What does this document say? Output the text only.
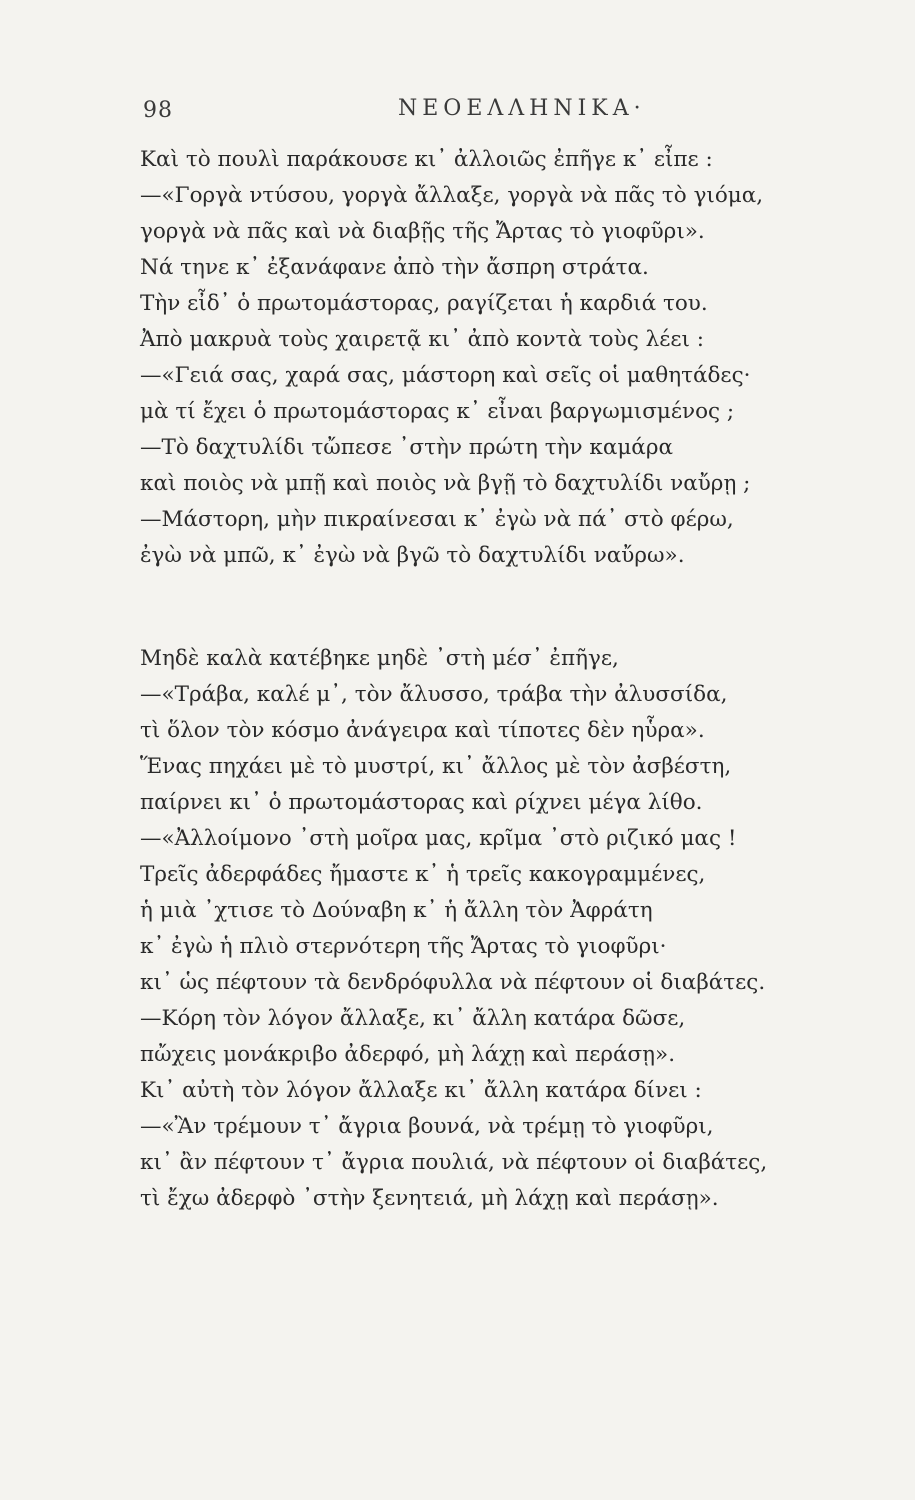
98	ΝΕΟΕΛΛΗΝΙΚΑ·
Καὶ τὸ πουλὶ παράκουσε κι᾽ ἀλλοιῶς ἐπῆγε κ᾽ εἶπε :
—«Γοργὰ ντύσου, γοργὰ ἄλλαξε, γοργὰ νὰ πᾶς τὸ γιόμα,
γοργὰ νὰ πᾶς καὶ νὰ διαβῇς τῆς Ἄρτας τὸ γιοφῦρι».
Νά τηνε κ᾽ ἐξανάφανε ἀπὸ τὴν ἄσπρη στράτα.
Τὴν εἶδ᾽ ὁ πρωτομάστορας, ραγίζεται ἡ καρδιά του.
Ἀπὸ μακρυὰ τοὺς χαιρετᾷ κι᾽ ἀπὸ κοντὰ τοὺς λέει :
—«Γειά σας, χαρά σας, μάστορη καὶ σεῖς οἱ μαθητάδες·
μὰ τί ἔχει ὁ πρωτομάστορας κ᾽ εἶναι βαργωμισμένος ;
—Τὸ δαχτυλίδι τὤπεσε ᾽στὴν πρώτη τὴν καμάρα
καὶ ποιὸς νὰ μπῇ καὶ ποιὸς νὰ βγῇ τὸ δαχτυλίδι ναὔρῃ ;
—Μάστορη, μὴν πικραίνεσαι κ᾽ ἐγὼ νὰ πά᾽ στὸ φέρω,
ἐγὼ νὰ μπῶ, κ᾽ ἐγὼ νὰ βγῶ τὸ δαχτυλίδι ναὔρω».
Μηδὲ καλὰ κατέβηκε μηδὲ ᾽στὴ μέσ᾽ ἐπῆγε,
—«Τράβα, καλέ μ᾽, τὸν ἄλυσσο, τράβα τὴν ἀλυσσίδα,
τὶ ὅλον τὸν κόσμο ἀνάγειρα καὶ τίποτες δὲν ηὗρα».
Ἕνας πηχάει μὲ τὸ μυστρί, κι᾽ ἄλλος μὲ τὸν ἀσβέστη,
παίρνει κι᾽ ὁ πρωτομάστορας καὶ ρίχνει μέγα λίθο.
—«Ἀλλοίμονο ᾽στὴ μοῖρα μας, κρῖμα ᾽στὸ ριζικό μας !
Τρεῖς ἀδερφάδες ἤμαστε κ᾽ ἡ τρεῖς κακογραμμένες,
ἡ μιὰ ᾽χτισε τὸ Δούναβη κ᾽ ἡ ἄλλη τὸν Ἀφράτη
κ᾽ ἐγὼ ἡ πλιὸ στερνότερη τῆς Ἄρτας τὸ γιοφῦρι·
κι᾽ ὡς πέφτουν τὰ δενδρόφυλλα νὰ πέφτουν οἱ διαβάτες.
—Κόρη τὸν λόγον ἄλλαξε, κι᾽ ἄλλη κατάρα δῶσε,
πὤχεις μονάκριβο ἀδερφό, μὴ λάχῃ καὶ περάσῃ».
Κι᾽ αὐτὴ τὸν λόγον ἄλλαξε κι᾽ ἄλλη κατάρα δίνει :
—«Ἂν τρέμουν τ᾽ ἄγρια βουνά, νὰ τρέμῃ τὸ γιοφῦρι,
κι᾽ ἂν πέφτουν τ᾽ ἄγρια πουλιά, νὰ πέφτουν οἱ διαβάτες,
τὶ ἔχω ἀδερφὸ ᾽στὴν ξενητειά, μὴ λάχῃ καὶ περάσῃ».
